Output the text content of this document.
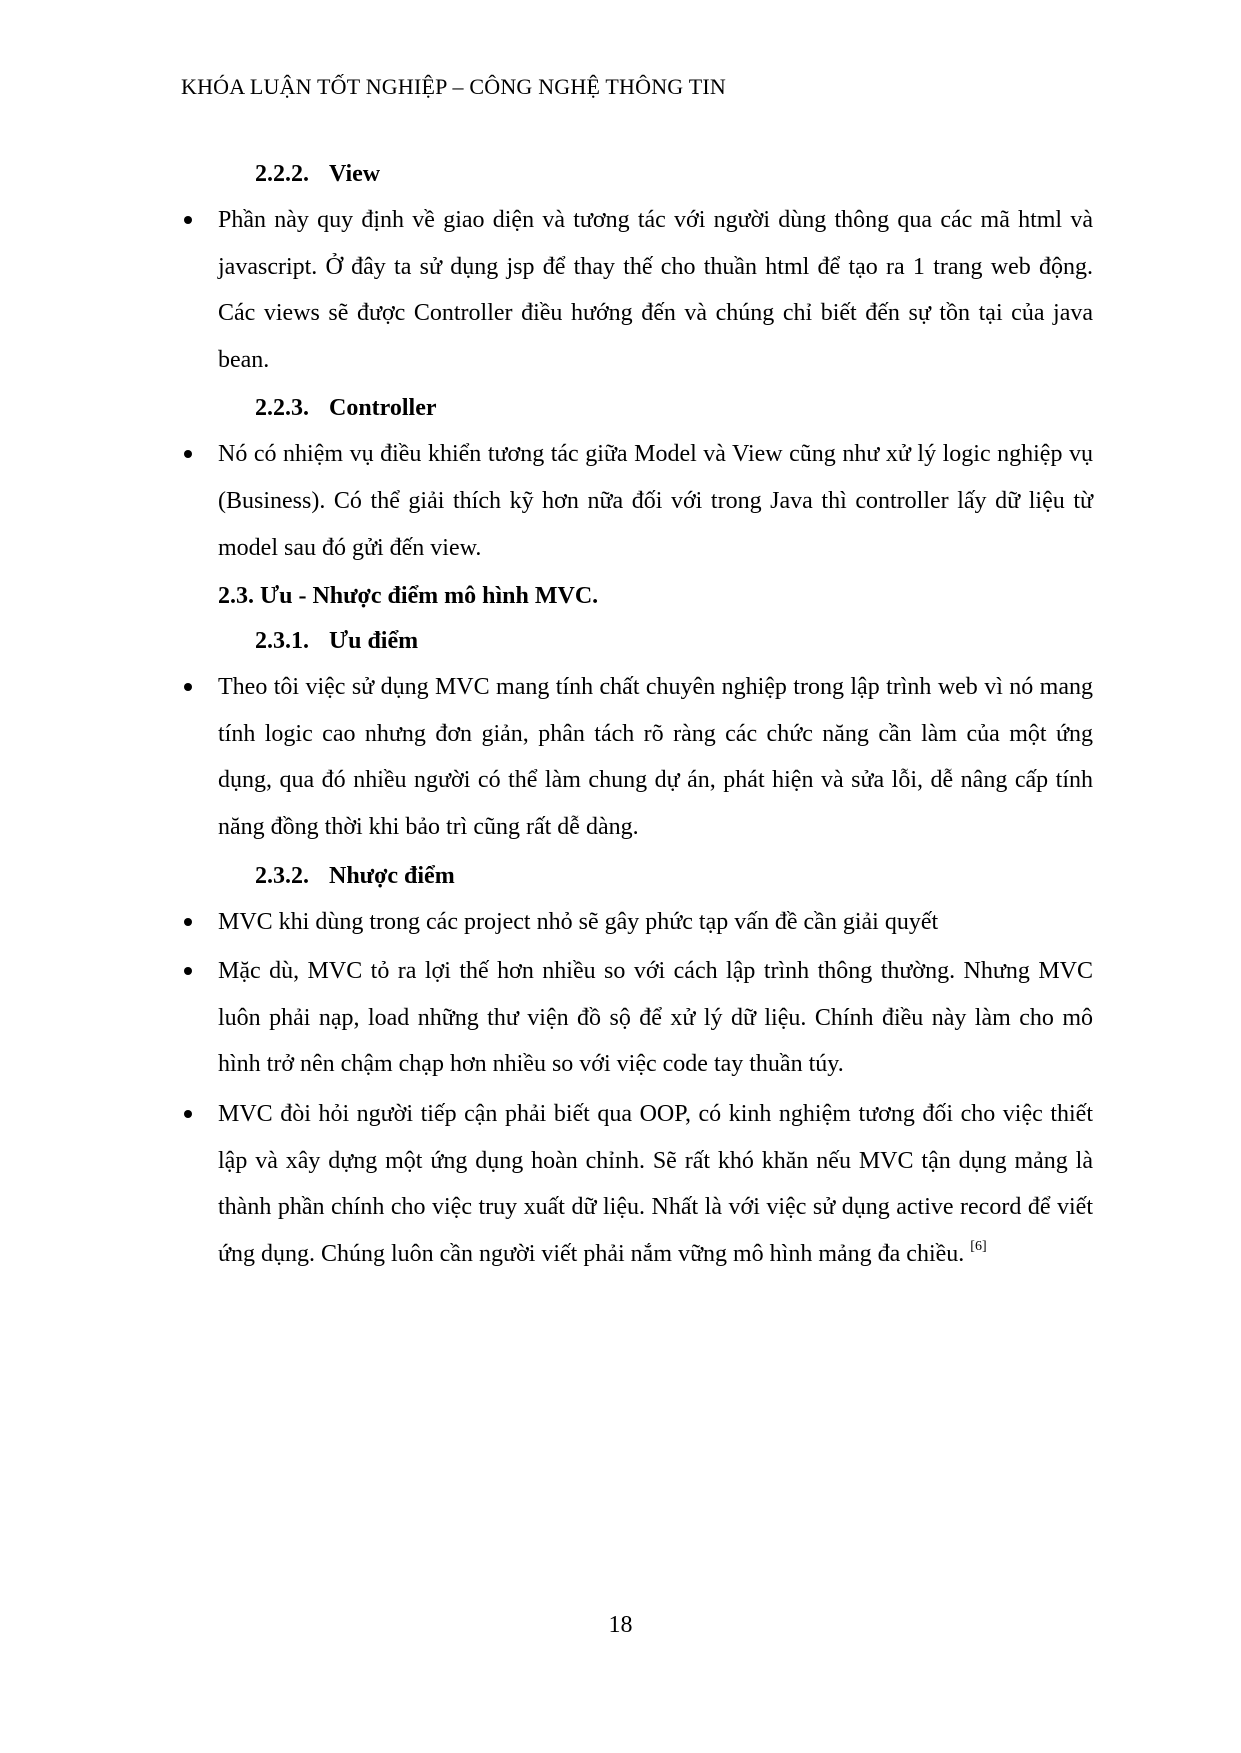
KHÓA LUẬN TỐT NGHIỆP – CÔNG NGHỆ THÔNG TIN
2.2.2. View
Phần này quy định về giao diện và tương tác với người dùng thông qua các mã html và javascript. Ở đây ta sử dụng jsp để thay thế cho thuần html để tạo ra 1 trang web động. Các views sẽ được Controller điều hướng đến và chúng chỉ biết đến sự tồn tại của java bean.
2.2.3. Controller
Nó có nhiệm vụ điều khiển tương tác giữa Model và View cũng như xử lý logic nghiệp vụ (Business). Có thể giải thích kỹ hơn nữa đối với trong Java thì controller lấy dữ liệu từ model sau đó gửi đến view.
2.3. Ưu - Nhược điểm mô hình MVC.
2.3.1. Ưu điểm
Theo tôi việc sử dụng MVC mang tính chất chuyên nghiệp trong lập trình web vì nó mang tính logic cao nhưng đơn giản, phân tách rõ ràng các chức năng cần làm của một ứng dụng, qua đó nhiều người có thể làm chung dự án, phát hiện và sửa lỗi, dễ nâng cấp tính năng đồng thời khi bảo trì cũng rất dễ dàng.
2.3.2. Nhược điểm
MVC khi dùng trong các project nhỏ sẽ gây phức tạp vấn đề cần giải quyết
Mặc dù, MVC tỏ ra lợi thế hơn nhiều so với cách lập trình thông thường. Nhưng MVC luôn phải nạp, load những thư viện đồ sộ để xử lý dữ liệu. Chính điều này làm cho mô hình trở nên chậm chạp hơn nhiều so với việc code tay thuần túy.
MVC đòi hỏi người tiếp cận phải biết qua OOP, có kinh nghiệm tương đối cho việc thiết lập và xây dựng một ứng dụng hoàn chỉnh. Sẽ rất khó khăn nếu MVC tận dụng mảng là thành phần chính cho việc truy xuất dữ liệu. Nhất là với việc sử dụng active record để viết ứng dụng. Chúng luôn cần người viết phải nắm vững mô hình mảng đa chiều. [6]
18
